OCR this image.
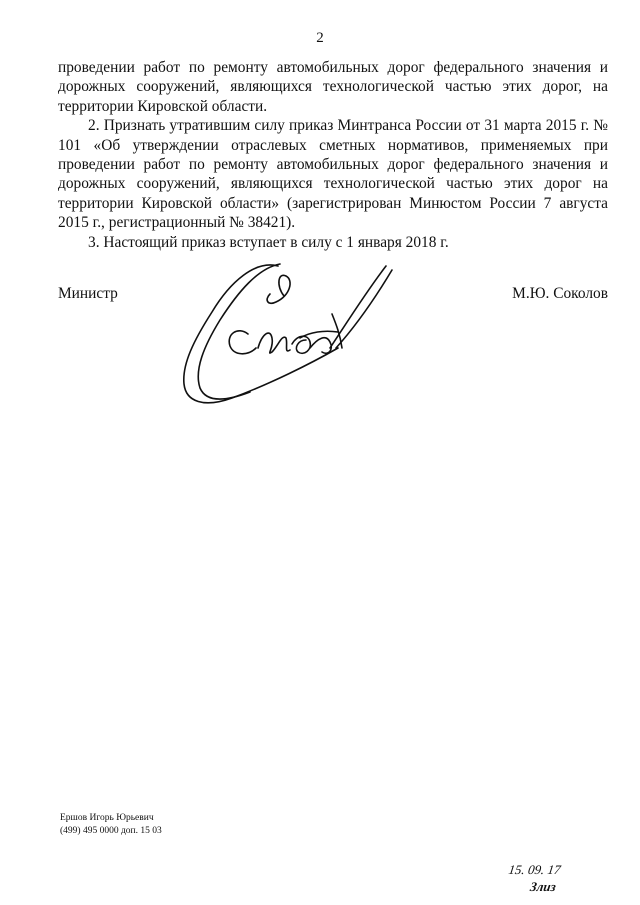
2

проведении работ по ремонту автомобильных дорог федерального значения и дорожных сооружений, являющихся технологической частью этих дорог, на территории Кировской области.

2. Признать утратившим силу приказ Минтранса России от 31 марта 2015 г. № 101 «Об утверждении отраслевых сметных нормативов, применяемых при проведении работ по ремонту автомобильных дорог федерального значения и дорожных сооружений, являющихся технологической частью этих дорог на территории Кировской области» (зарегистрирован Минюстом России 7 августа 2015 г., регистрационный № 38421).

3. Настоящий приказ вступает в силу с 1 января 2018 г.

Министр	М.Ю. Соколов
Ершов Игорь Юрьевич
(499) 495 0000 доп. 15 03
15. 09. 17
Злиз
